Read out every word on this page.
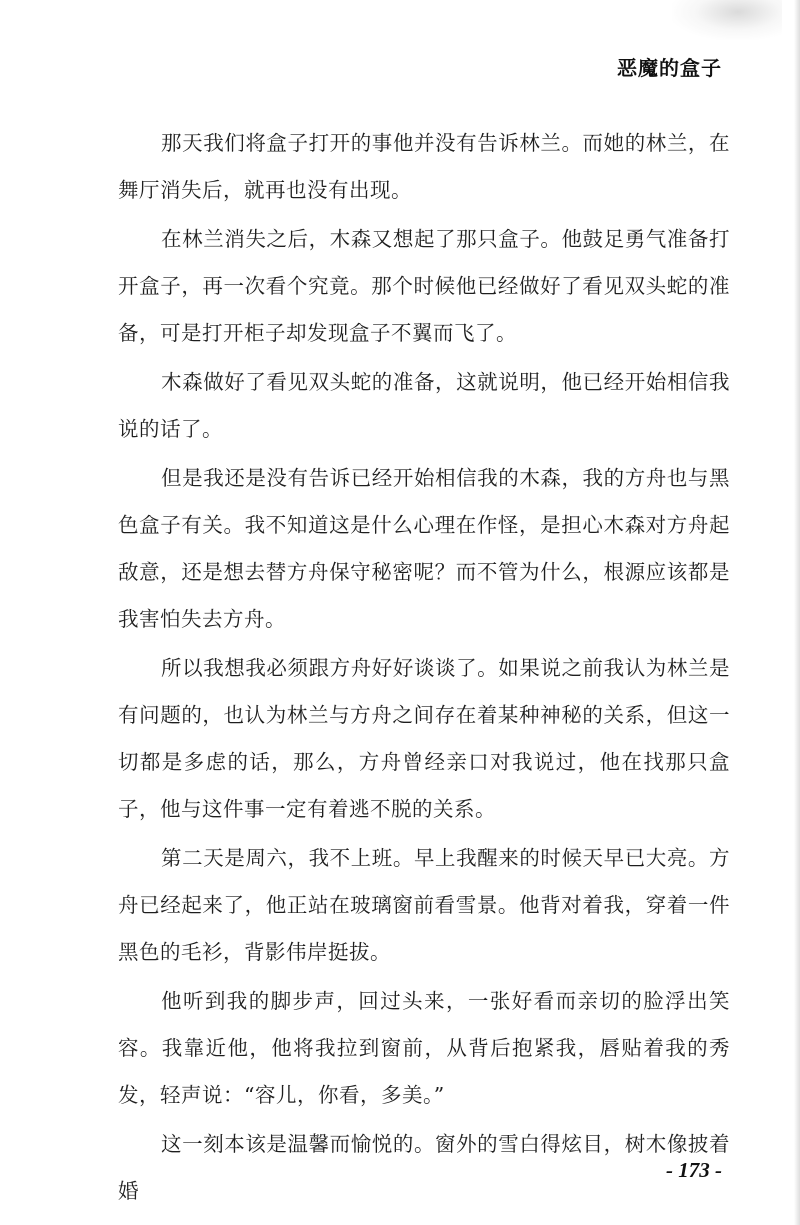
恶魔的盒子

那天我们将盒子打开的事他并没有告诉林兰。而她的林兰，在舞厅消失后，就再也没有出现。

在林兰消失之后，木森又想起了那只盒子。他鼓足勇气准备打开盒子，再一次看个究竟。那个时候他已经做好了看见双头蛇的准备，可是打开柜子却发现盒子不翼而飞了。

木森做好了看见双头蛇的准备，这就说明，他已经开始相信我说的话了。

但是我还是没有告诉已经开始相信我的木森，我的方舟也与黑色盒子有关。我不知道这是什么心理在作怪，是担心木森对方舟起敌意，还是想去替方舟保守秘密呢？而不管为什么，根源应该都是我害怕失去方舟。

所以我想我必须跟方舟好好谈谈了。如果说之前我认为林兰是有问题的，也认为林兰与方舟之间存在着某种神秘的关系，但这一切都是多虑的话，那么，方舟曾经亲口对我说过，他在找那只盒子，他与这件事一定有着逃不脱的关系。

第二天是周六，我不上班。早上我醒来的时候天早已大亮。方舟已经起来了，他正站在玻璃窗前看雪景。他背对着我，穿着一件黑色的毛衫，背影伟岸挺拔。

他听到我的脚步声，回过头来，一张好看而亲切的脸浮出笑容。我靠近他，他将我拉到窗前，从背后抱紧我，唇贴着我的秀发，轻声说：“容儿，你看，多美。”

这一刻本该是温馨而愉悦的。窗外的雪白得炫目，树木像披着婚

- 173 -
